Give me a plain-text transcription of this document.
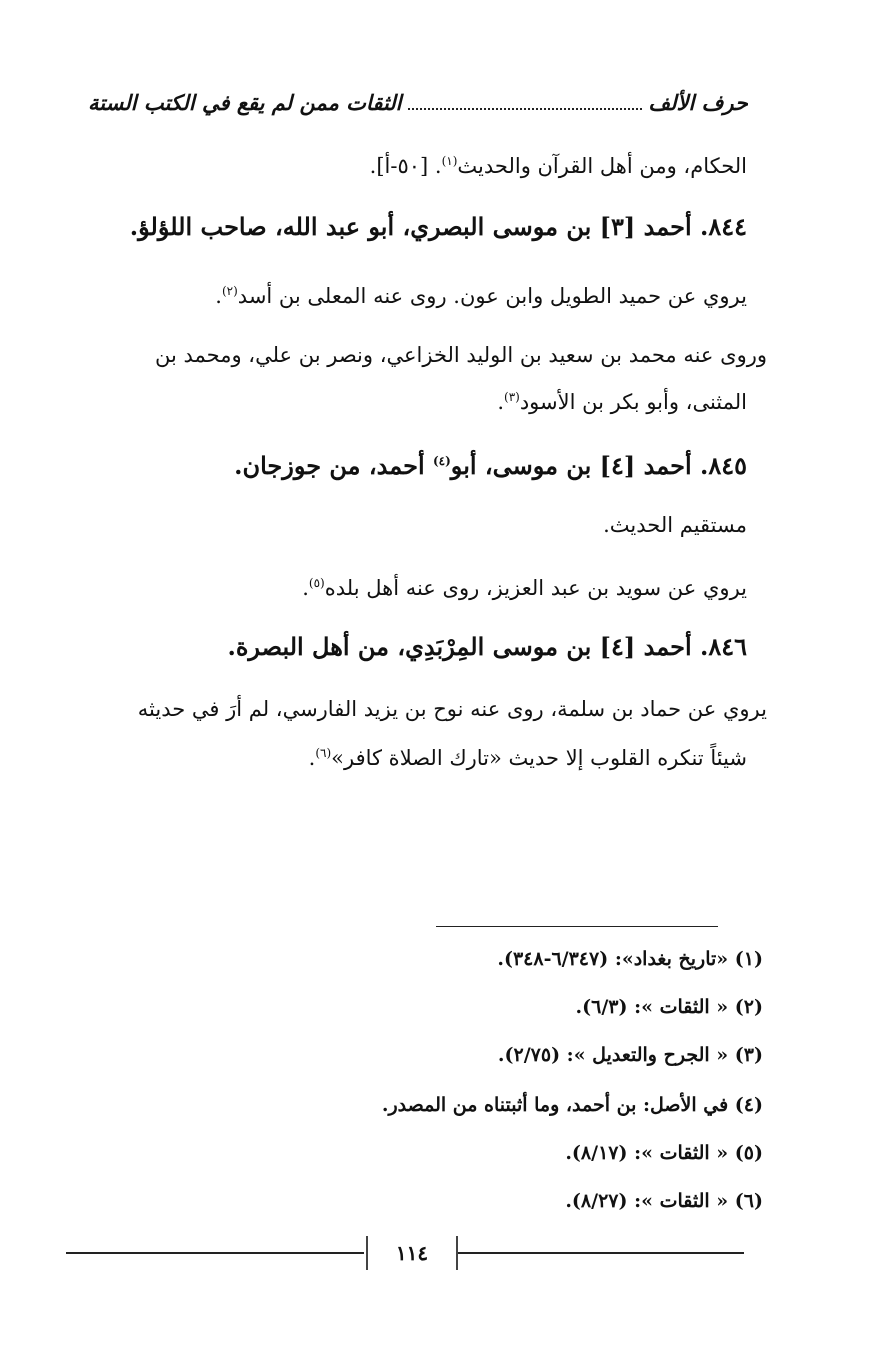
حرف الألف
الثقات ممن لم يقع في الكتب الستة
الحكام، ومن أهل القرآن والحديث$^{(١)}$. [٥٠-أ].
٨٤٤. أحمد [٣] بن موسى البصري، أبو عبد الله، صاحب اللؤلؤ.
يروي عن حميد الطويل وابن عون. روى عنه المعلى بن أسد$^{(٢)}$.
وروى عنه محمد بن سعيد بن الوليد الخزاعي، ونصر بن علي، ومحمد بن
المثنى، وأبو بكر بن الأسود$^{(٣)}$.
٨٤٥. أحمد [٤] بن موسى، أبو$^{(٤)}$ أحمد، من جوزجان.
مستقيم الحديث.
يروي عن سويد بن عبد العزيز، روى عنه أهل بلده$^{(٥)}$.
٨٤٦. أحمد [٤] بن موسى المِرْبَدِي، من أهل البصرة.
يروي عن حماد بن سلمة، روى عنه نوح بن يزيد الفارسي، لم أرَ في حديثه
شيئاً تنكره القلوب إلا حديث «تارك الصلاة كافر»$^{(٦)}$.
(١) «تاريخ بغداد»: (٦/٣٤٧-٣٤٨).
(٢) « الثقات »: (٦/٣).
(٣) « الجرح والتعديل »: (٢/٧٥).
(٤) في الأصل: بن أحمد، وما أثبتناه من المصدر.
(٥) « الثقات »: (٨/١٧).
(٦) « الثقات »: (٨/٢٧).
١١٤
